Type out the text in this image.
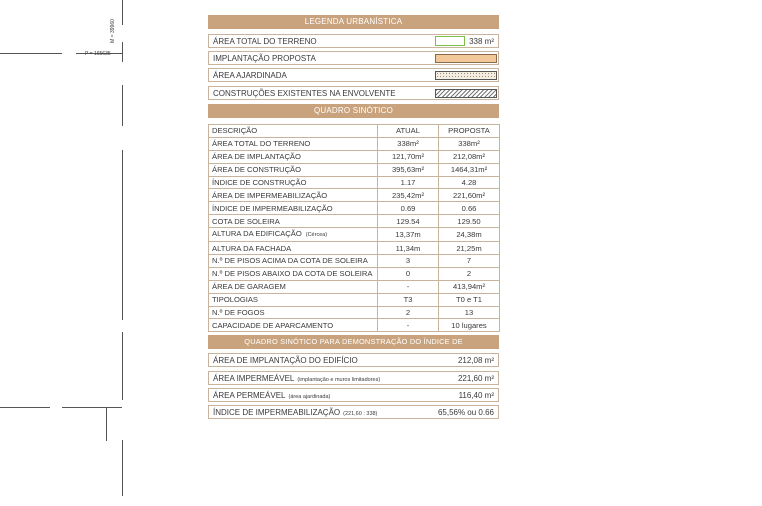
M = 39960
P = 165635
LEGENDA URBANÍSTICA
ÁREA TOTAL DO TERRENO	338 m²
IMPLANTAÇÃO PROPOSTA
ÁREA AJARDINADA
CONSTRUÇÕES EXISTENTES NA ENVOLVENTE
QUADRO SINÓTICO
DESCRIÇÃO	ATUAL	PROPOSTA
ÁREA TOTAL DO TERRENO	338m²	338m²
ÁREA DE IMPLANTAÇÃO	121,70m²	212,08m²
ÁREA DE CONSTRUÇÃO	395,63m²	1464,31m²
ÍNDICE DE CONSTRUÇÃO	1.17	4.28
ÁREA DE IMPERMEABILIZAÇÃO	235,42m²	221,60m²
ÍNDICE DE IMPERMEABILIZAÇÃO	0.69	0.66
COTA DE SOLEIRA	129.54	129.50
ALTURA DA EDIFICAÇÃO (Cércea)	13,37m	24,38m
ALTURA DA FACHADA	11,34m	21,25m
N.º DE PISOS ACIMA DA COTA DE SOLEIRA	3	7
N.º DE PISOS ABAIXO DA COTA DE SOLEIRA	0	2
ÁREA DE GARAGEM	-	413,94m²
TIPOLOGIAS	T3	T0 e T1
N.º DE FOGOS	2	13
CAPACIDADE DE APARCAMENTO	-	10 lugares
QUADRO SINÓTICO PARA DEMONSTRAÇÃO DO ÍNDICE DE IMPERMEABILIZAÇÃO
ÁREA DE IMPLANTAÇÃO DO EDIFÍCIO	212,08 m²
ÁREA IMPERMEÁVEL (implantação e muros limitadores)	221,60 m²
ÁREA PERMEÁVEL (área ajardinada)	116,40 m²
ÍNDICE DE IMPERMEABILIZAÇÃO (221,60 : 338)	65,56% ou 0.66
